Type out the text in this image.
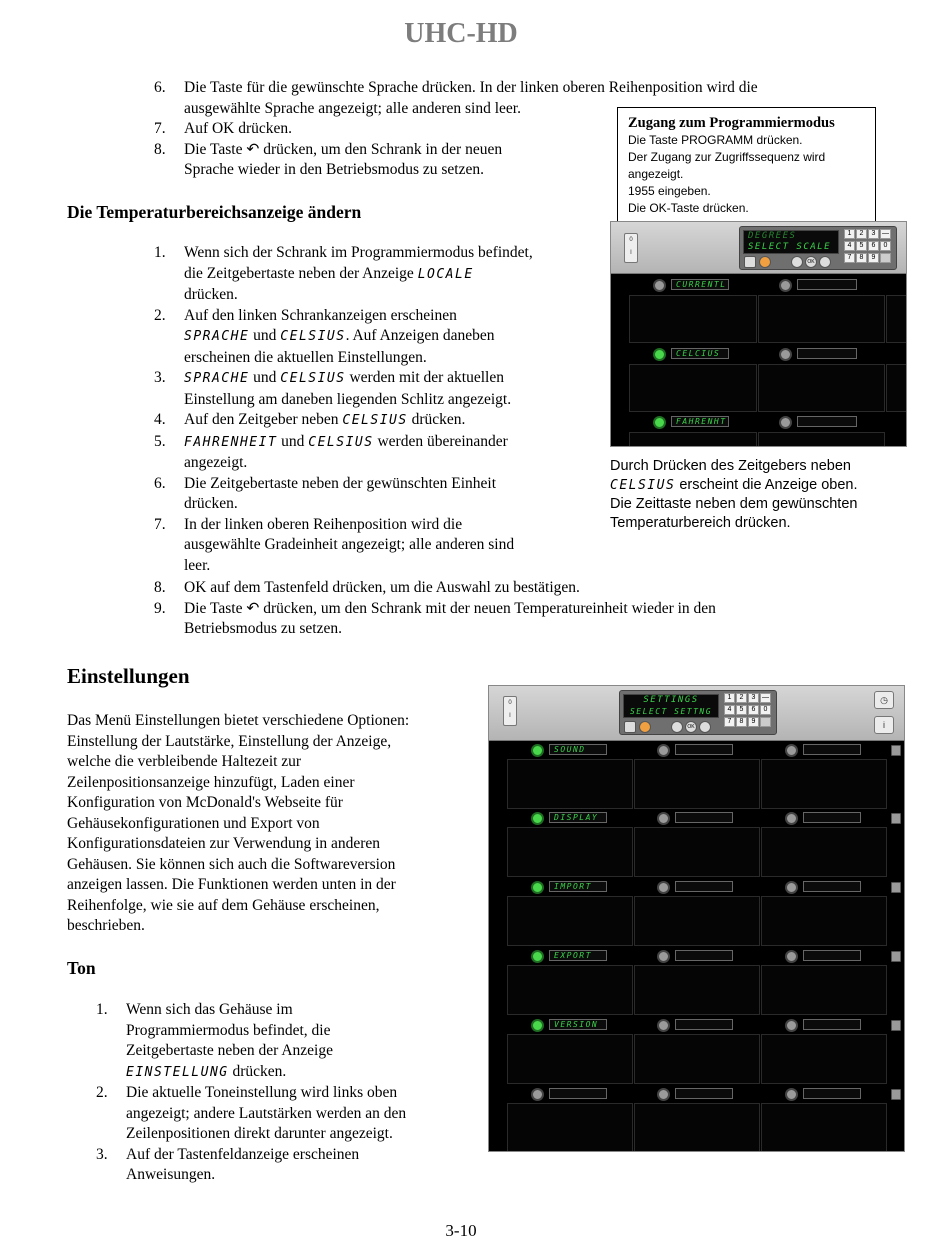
UHC-HD
6. Die Taste für die gewünschte Sprache drücken. In der linken oberen Reihenposition wird die
ausgewählte Sprache angezeigt; alle anderen sind leer.
7. Auf OK drücken.
8. Die Taste ↶ drücken, um den Schrank in der neuen
Sprache wieder in den Betriebsmodus zu setzen.
Zugang zum Programmiermodus
Die Taste PROGRAMM drücken.
Der Zugang zur Zugriffssequenz wird
angezeigt.
1955 eingeben.
Die OK-Taste drücken.
Die Temperaturbereichsanzeige ändern
1. Wenn sich der Schrank im Programmiermodus befindet,
die Zeitgebertaste neben der Anzeige LOCALE
drücken.
2. Auf den linken Schrankanzeigen erscheinen
SPRACHE und CELSIUS. Auf Anzeigen daneben
erscheinen die aktuellen Einstellungen.
3. SPRACHE und CELSIUS werden mit der aktuellen
Einstellung am daneben liegenden Schlitz angezeigt.
4. Auf den Zeitgeber neben CELSIUS drücken.
5. FAHRENHEIT und CELSIUS werden übereinander
angezeigt.
6. Die Zeitgebertaste neben der gewünschten Einheit
drücken.
7. In der linken oberen Reihenposition wird die
ausgewählte Gradeinheit angezeigt; alle anderen sind
leer.
8. OK auf dem Tastenfeld drücken, um die Auswahl zu bestätigen.
9. Die Taste ↶ drücken, um den Schrank mit der neuen Temperatureinheit wieder in den
Betriebsmodus zu setzen.
0
I
DEGREES
SELECT SCALE
1	2	3 —
4	5	6	0
7	8	9
OK
CURRENTL
CELCIUS
FAHRENHT
Durch Drücken des Zeitgebers neben
CELSIUS erscheint die Anzeige oben.
Die Zeittaste neben dem gewünschten
Temperaturbereich drücken.
Einstellungen
Das Menü Einstellungen bietet verschiedene Optionen:
Einstellung der Lautstärke, Einstellung der Anzeige,
welche die verbleibende Haltezeit zur
Zeilenpositionsanzeige hinzufügt, Laden einer
Konfiguration von McDonald's Webseite für
Gehäusekonfigurationen und Export von
Konfigurationsdateien zur Verwendung in anderen
Gehäusen. Sie können sich auch die Softwareversion
anzeigen lassen. Die Funktionen werden unten in der
Reihenfolge, wie sie auf dem Gehäuse erscheinen,
beschrieben.
Ton
1. Wenn sich das Gehäuse im
Programmiermodus befindet, die
Zeitgebertaste neben der Anzeige
EINSTELLUNG drücken.
2. Die aktuelle Toneinstellung wird links oben
angezeigt; andere Lautstärken werden an den
Zeilenpositionen direkt darunter angezeigt.
3. Auf der Tastenfeldanzeige erscheinen
Anweisungen.
0
I
SETTINGS
SELECT SETTNG
1	2	3 —
4	5	6	0
7	8	9
OK
◷
i
SOUND
DISPLAY
IMPORT
EXPORT
VERSION
3-10
